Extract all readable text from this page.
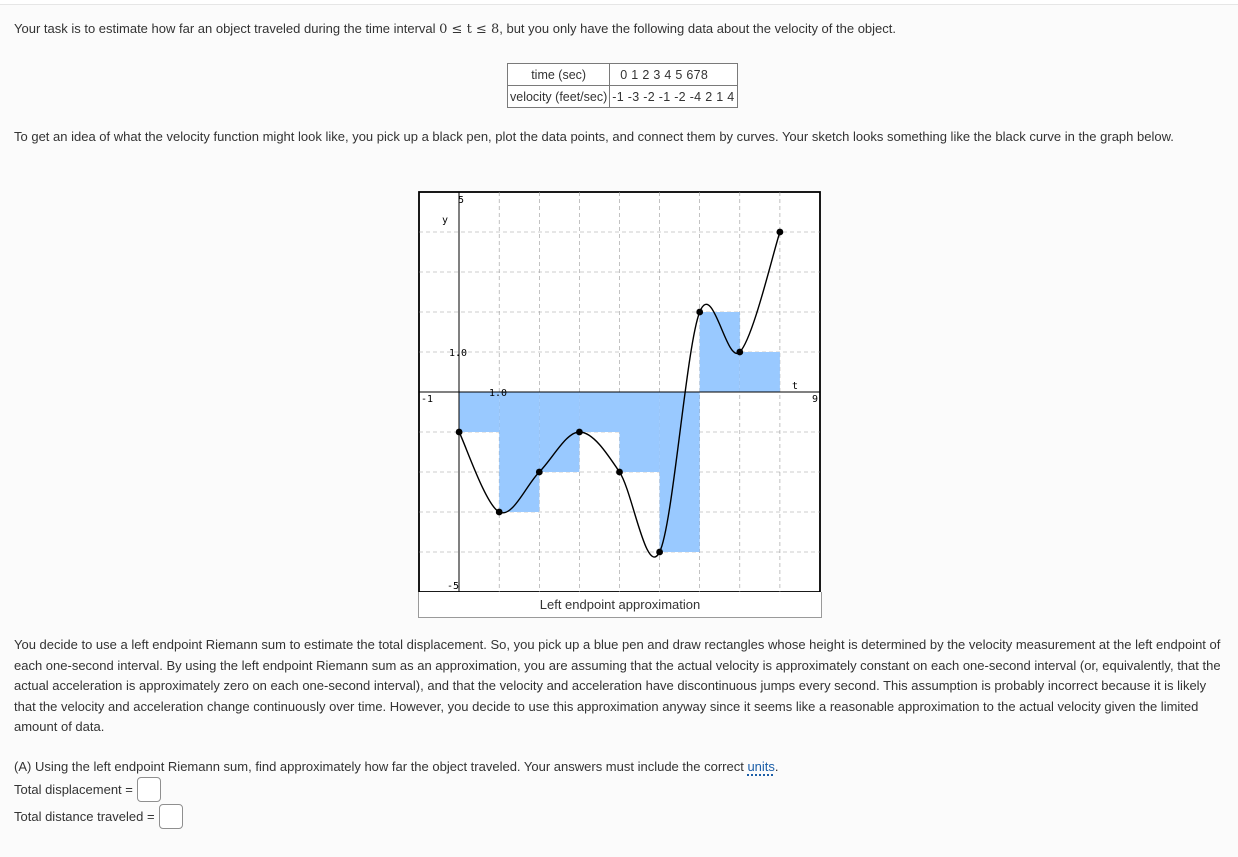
Your task is to estimate how far an object traveled during the time interval 0 ≤ t ≤ 8, but you only have the following data about the velocity of the object.

time (sec)	0 1 2 3 4 5 678
velocity (feet/sec)	-1 -3 -2 -1 -2 -4 2 1 4

To get an idea of what the velocity function might look like, you pick up a black pen, plot the data points, and connect them by curves. Your sketch looks something like the black curve in the graph below.

5
y
1.0
1.0
-1
t
9
-5
Left endpoint approximation

You decide to use a left endpoint Riemann sum to estimate the total displacement. So, you pick up a blue pen and draw rectangles whose height is determined by the velocity measurement at the left endpoint of each one-second interval. By using the left endpoint Riemann sum as an approximation, you are assuming that the actual velocity is approximately constant on each one-second interval (or, equivalently, that the actual acceleration is approximately zero on each one-second interval), and that the velocity and acceleration have discontinuous jumps every second. This assumption is probably incorrect because it is likely that the velocity and acceleration change continuously over time. However, you decide to use this approximation anyway since it seems like a reasonable approximation to the actual velocity given the limited amount of data.

(A) Using the left endpoint Riemann sum, find approximately how far the object traveled. Your answers must include the correct units.

Total displacement =
Total distance traveled =
